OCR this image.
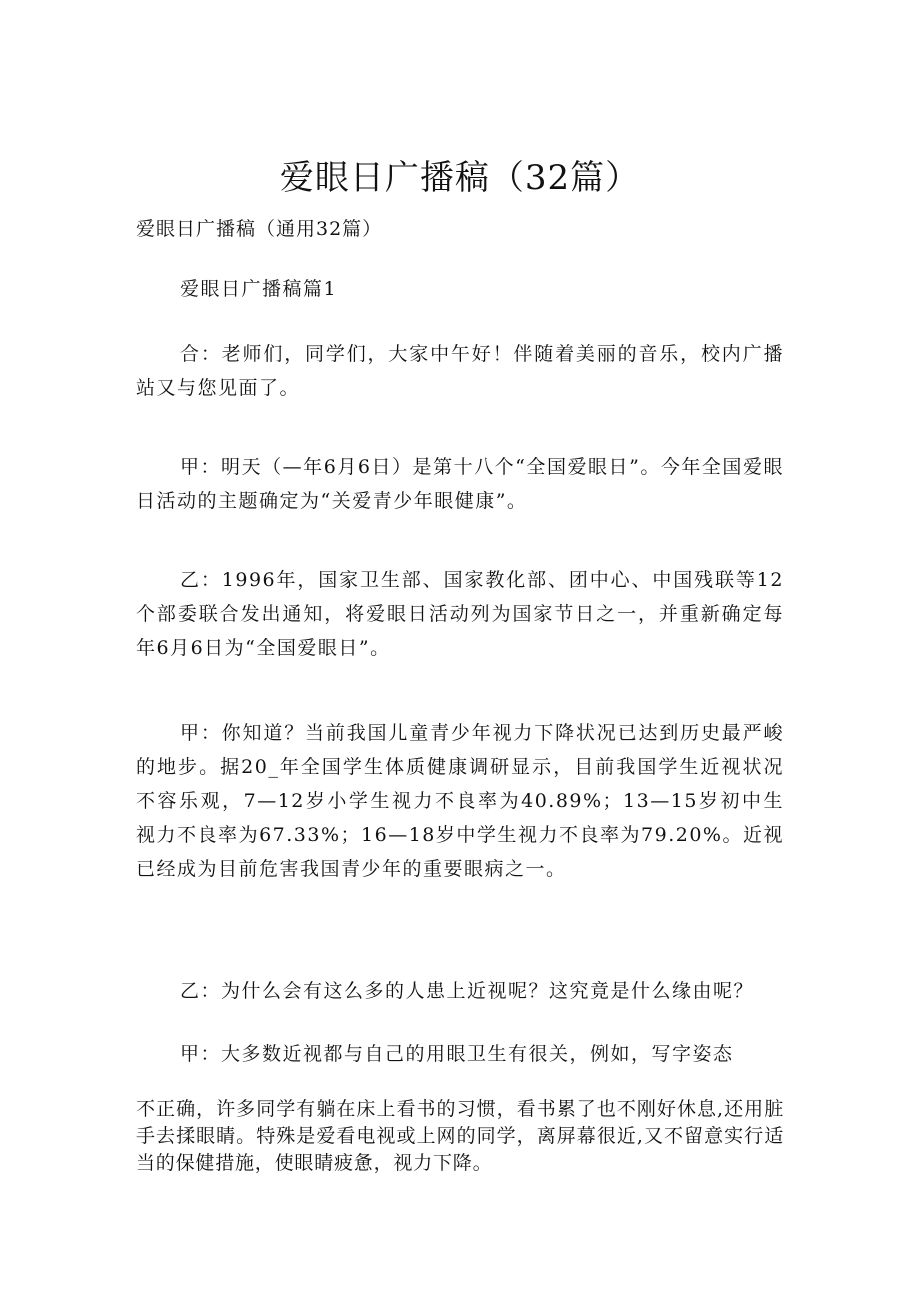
爱眼日广播稿（32篇）
爱眼日广播稿（通用32篇）
爱眼日广播稿篇1
合：老师们，同学们，大家中午好！伴随着美丽的音乐，校内广播站又与您见面了。
甲：明天（—年6月6日）是第十八个“全国爱眼日”。今年全国爱眼日活动的主题确定为“关爱青少年眼健康”。
乙：1996年，国家卫生部、国家教化部、团中心、中国残联等12个部委联合发出通知，将爱眼日活动列为国家节日之一，并重新确定每年6月6日为“全国爱眼日”。
甲：你知道？当前我国儿童青少年视力下降状况已达到历史最严峻的地步。据20_年全国学生体质健康调研显示，目前我国学生近视状况不容乐观，7—12岁小学生视力不良率为40.89%；13—15岁初中生视力不良率为67.33%；16—18岁中学生视力不良率为79.20%。近视已经成为目前危害我国青少年的重要眼病之一。
乙：为什么会有这么多的人患上近视呢？这究竟是什么缘由呢？
甲：大多数近视都与自己的用眼卫生有很关，例如，写字姿态
不正确，许多同学有躺在床上看书的习惯，看书累了也不刚好休息,还用脏手去揉眼睛。特殊是爱看电视或上网的同学，离屏幕很近,又不留意实行适当的保健措施，使眼睛疲惫，视力下降。
